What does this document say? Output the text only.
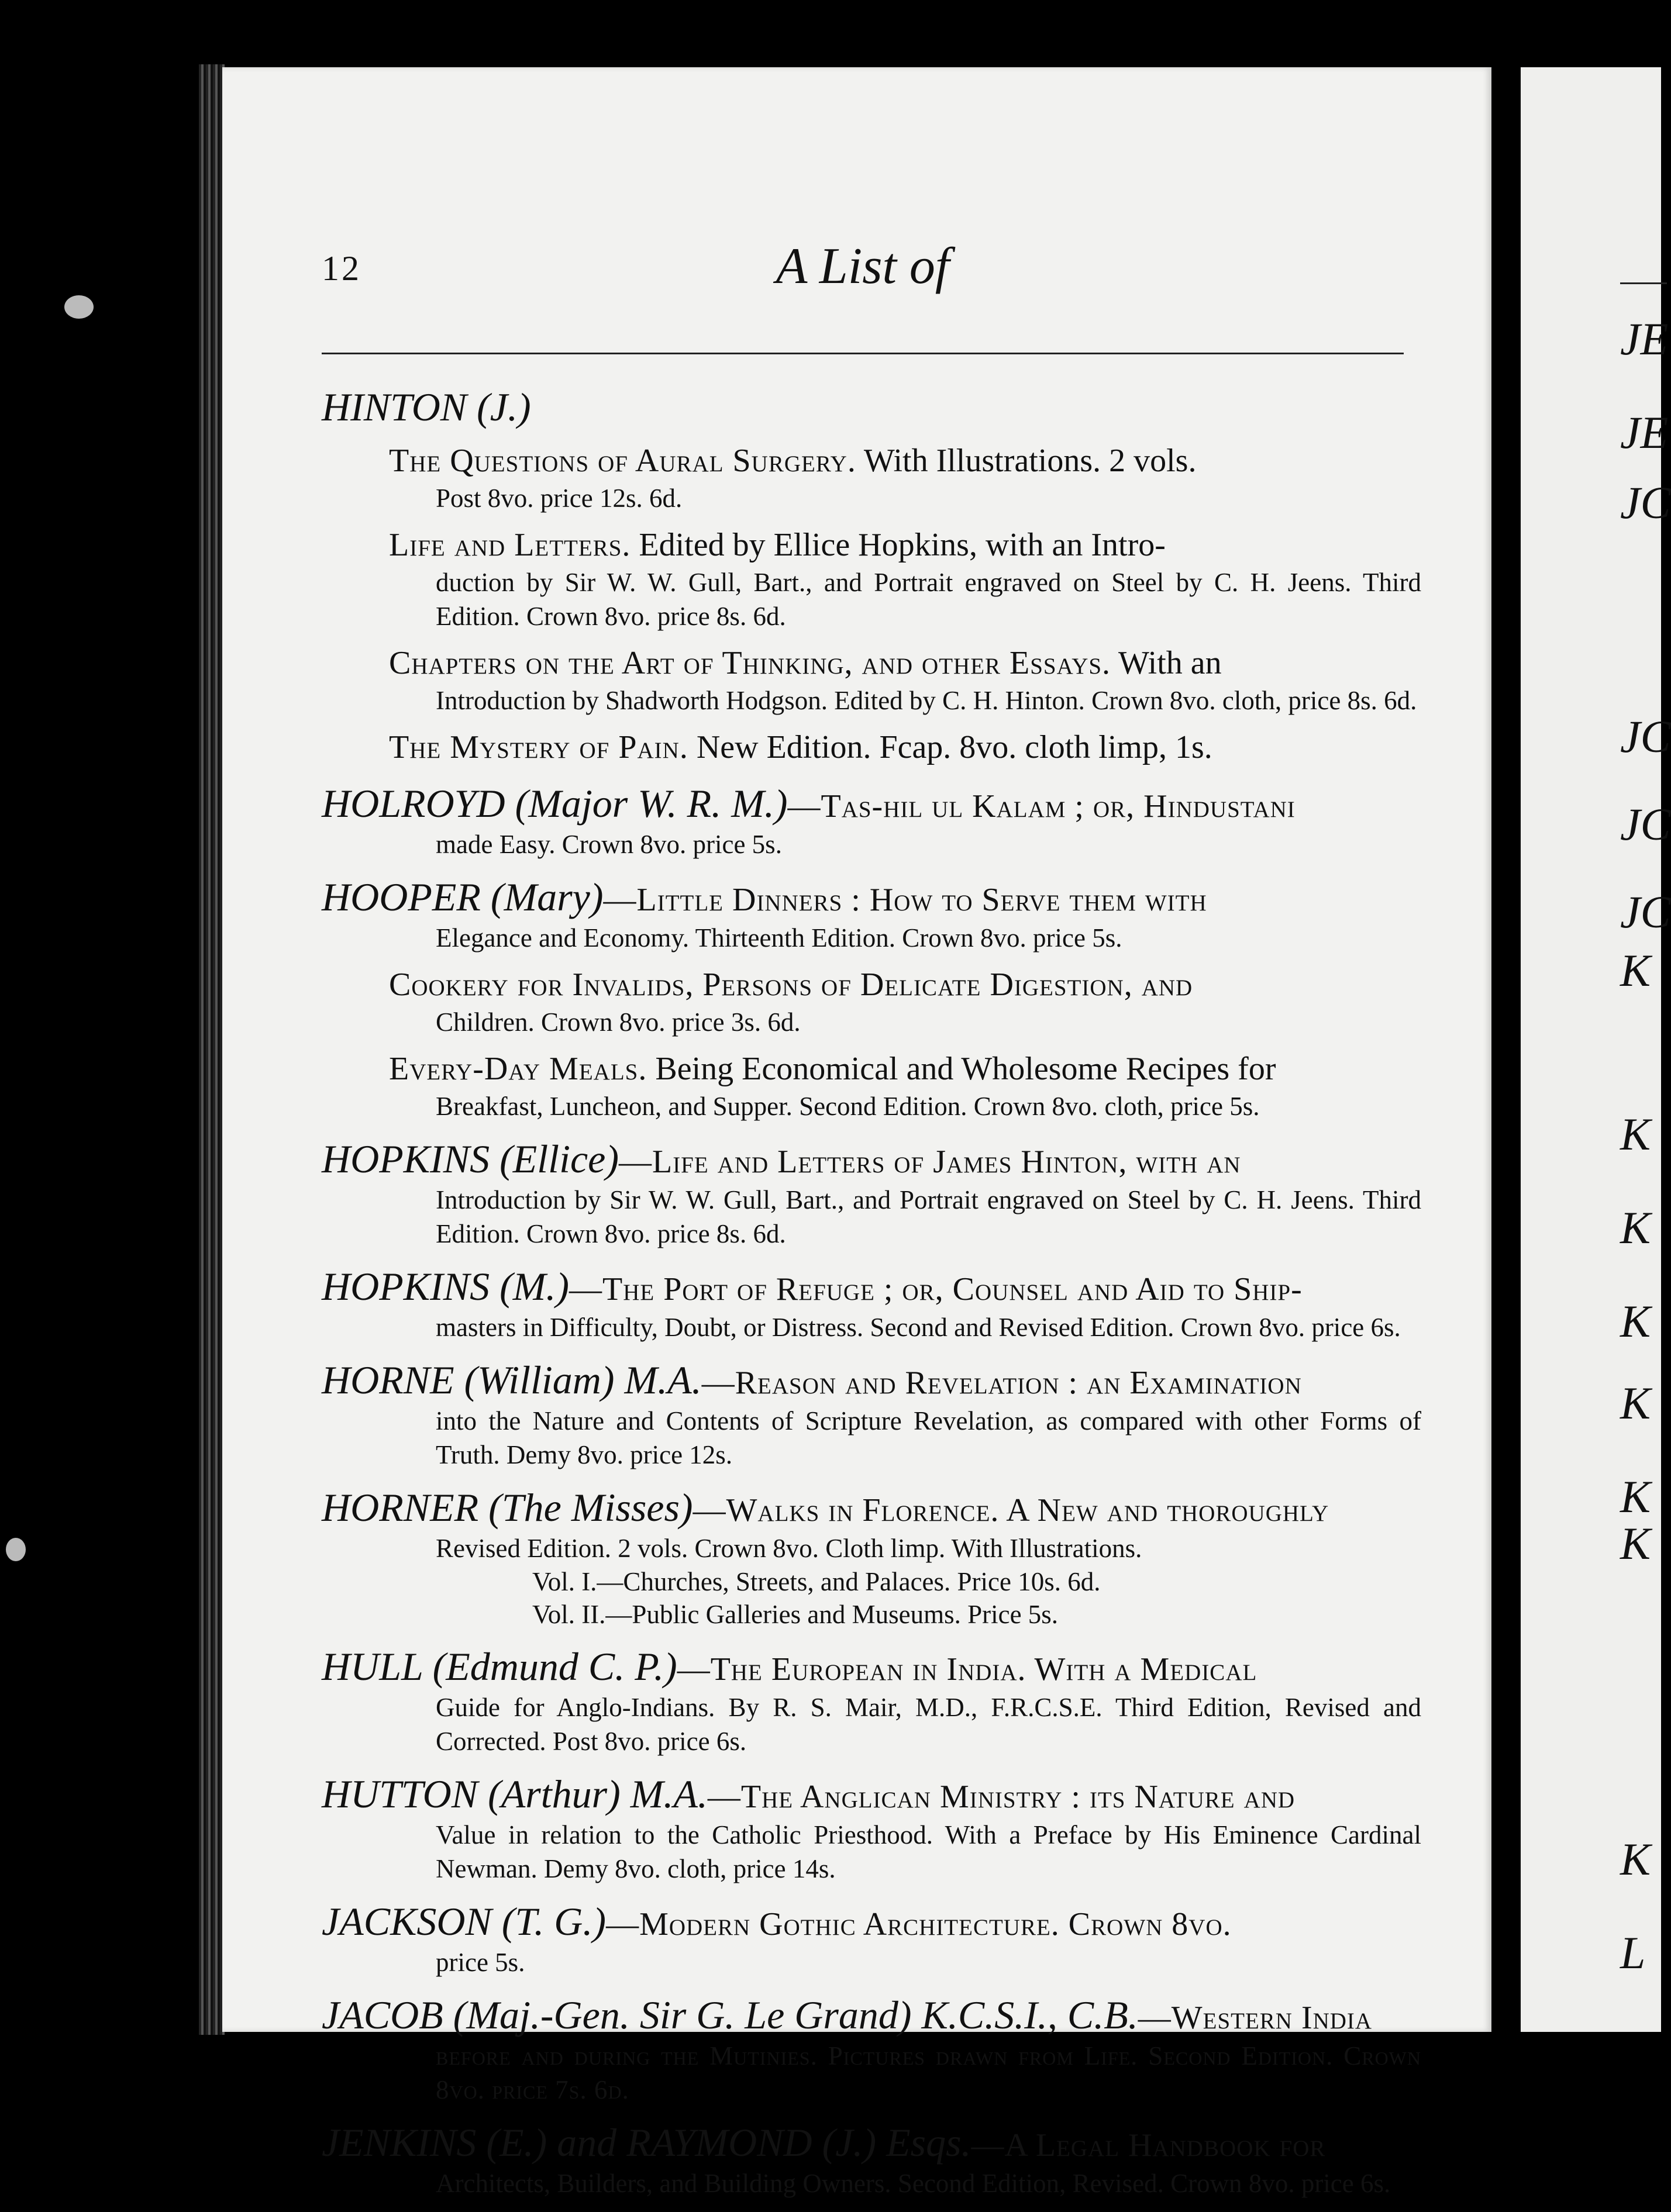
12	A List of
HINTON (J.)
The Questions of Aural Surgery. With Illustrations. 2 vols.
Post 8vo. price 12s. 6d.
Life and Letters. Edited by Ellice Hopkins, with an Intro-
duction by Sir W. W. Gull, Bart., and Portrait engraved on Steel by C. H. Jeens. Third Edition. Crown 8vo. price 8s. 6d.
Chapters on the Art of Thinking, and other Essays. With an
Introduction by Shadworth Hodgson. Edited by C. H. Hinton. Crown 8vo. cloth, price 8s. 6d.
The Mystery of Pain. New Edition. Fcap. 8vo. cloth limp, 1s.
HOLROYD (Major W. R. M.)—Tas-hil ul Kalam ; or, Hindustani
made Easy. Crown 8vo. price 5s.
HOOPER (Mary)—Little Dinners : How to Serve them with
Elegance and Economy. Thirteenth Edition. Crown 8vo. price 5s.
Cookery for Invalids, Persons of Delicate Digestion, and
Children. Crown 8vo. price 3s. 6d.
Every-Day Meals. Being Economical and Wholesome Recipes for
Breakfast, Luncheon, and Supper. Second Edition. Crown 8vo. cloth, price 5s.
HOPKINS (Ellice)—Life and Letters of James Hinton, with an
Introduction by Sir W. W. Gull, Bart., and Portrait engraved on Steel by C. H. Jeens. Third Edition. Crown 8vo. price 8s. 6d.
HOPKINS (M.)—The Port of Refuge ; or, Counsel and Aid to Ship-
masters in Difficulty, Doubt, or Distress. Second and Revised Edition. Crown 8vo. price 6s.
HORNE (William) M.A.—Reason and Revelation : an Examination
into the Nature and Contents of Scripture Revelation, as compared with other Forms of Truth. Demy 8vo. price 12s.
HORNER (The Misses)—Walks in Florence. A New and thoroughly
Revised Edition. 2 vols. Crown 8vo. Cloth limp. With Illustrations.
Vol. I.—Churches, Streets, and Palaces. Price 10s. 6d.
Vol. II.—Public Galleries and Museums. Price 5s.
HULL (Edmund C. P.)—The European in India. With a Medical
Guide for Anglo-Indians. By R. S. Mair, M.D., F.R.C.S.E. Third Edition, Revised and Corrected. Post 8vo. price 6s.
HUTTON (Arthur) M.A.—The Anglican Ministry : its Nature and
Value in relation to the Catholic Priesthood. With a Preface by His Eminence Cardinal Newman. Demy 8vo. cloth, price 14s.
JACKSON (T. G.)—Modern Gothic Architecture. Crown 8vo.
price 5s.
JACOB (Maj.-Gen. Sir G. Le Grand) K.C.S.I., C.B.—Western India
before and during the Mutinies. Pictures drawn from Life. Second Edition. Crown 8vo. price 7s. 6d.
JENKINS (E.) and RAYMOND (J.) Esqs.—A Legal Handbook for
Architects, Builders, and Building Owners. Second Edition, Revised. Crown 8vo. price 6s.
JE
JE
JC
JC
JC
JC
K
K
K
K
K
K
K
K
L
